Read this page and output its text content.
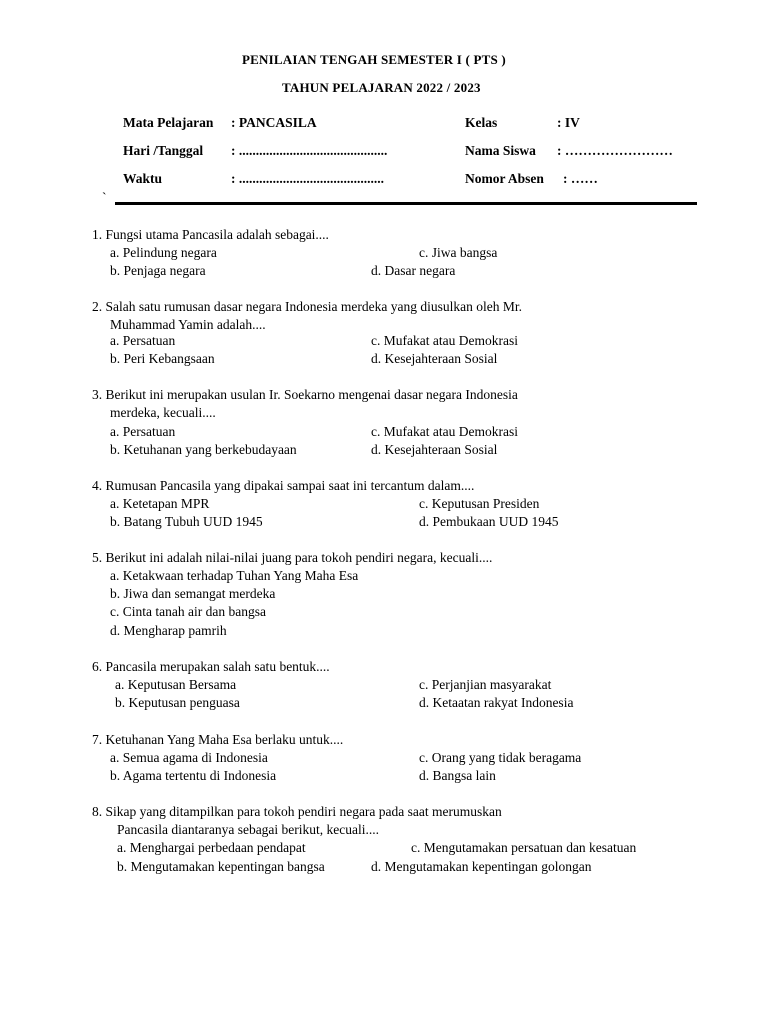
PENILAIAN TENGAH SEMESTER I ( PTS )
TAHUN PELAJARAN 2022 / 2023
Mata Pelajaran : PANCASILA	Kelas	: IV
Hari /Tanggal : ............................................	Nama Siswa : ……………………
Waktu	: ...........................................	Nomor Absen : ……
`
1. Fungsi utama Pancasila adalah sebagai....
a. Pelindung negara	c. Jiwa bangsa
b. Penjaga negara	d. Dasar negara
2. Salah satu rumusan dasar negara Indonesia merdeka yang diusulkan oleh Mr.
Muhammad Yamin adalah....
a. Persatuan	c. Mufakat atau Demokrasi
b. Peri Kebangsaan	d. Kesejahteraan Sosial
3. Berikut ini merupakan usulan Ir. Soekarno mengenai dasar negara Indonesia
merdeka, kecuali....
a. Persatuan	c. Mufakat atau Demokrasi
b. Ketuhanan yang berkebudayaan	d. Kesejahteraan Sosial
4. Rumusan Pancasila yang dipakai sampai saat ini tercantum dalam....
a. Ketetapan MPR	c. Keputusan Presiden
b. Batang Tubuh UUD 1945	d. Pembukaan UUD 1945
5. Berikut ini adalah nilai-nilai juang para tokoh pendiri negara, kecuali....
a. Ketakwaan terhadap Tuhan Yang Maha Esa
b. Jiwa dan semangat merdeka
c. Cinta tanah air dan bangsa
d. Mengharap pamrih
6. Pancasila merupakan salah satu bentuk....
a. Keputusan Bersama	c. Perjanjian masyarakat
b. Keputusan penguasa	d. Ketaatan rakyat Indonesia
7. Ketuhanan Yang Maha Esa berlaku untuk....
a. Semua agama di Indonesia	c. Orang yang tidak beragama
b. Agama tertentu di Indonesia	d. Bangsa lain
8. Sikap yang ditampilkan para tokoh pendiri negara pada saat merumuskan
Pancasila diantaranya sebagai berikut, kecuali....
a. Menghargai perbedaan pendapat	c. Mengutamakan persatuan dan kesatuan
b. Mengutamakan kepentingan bangsa	d. Mengutamakan kepentingan golongan
